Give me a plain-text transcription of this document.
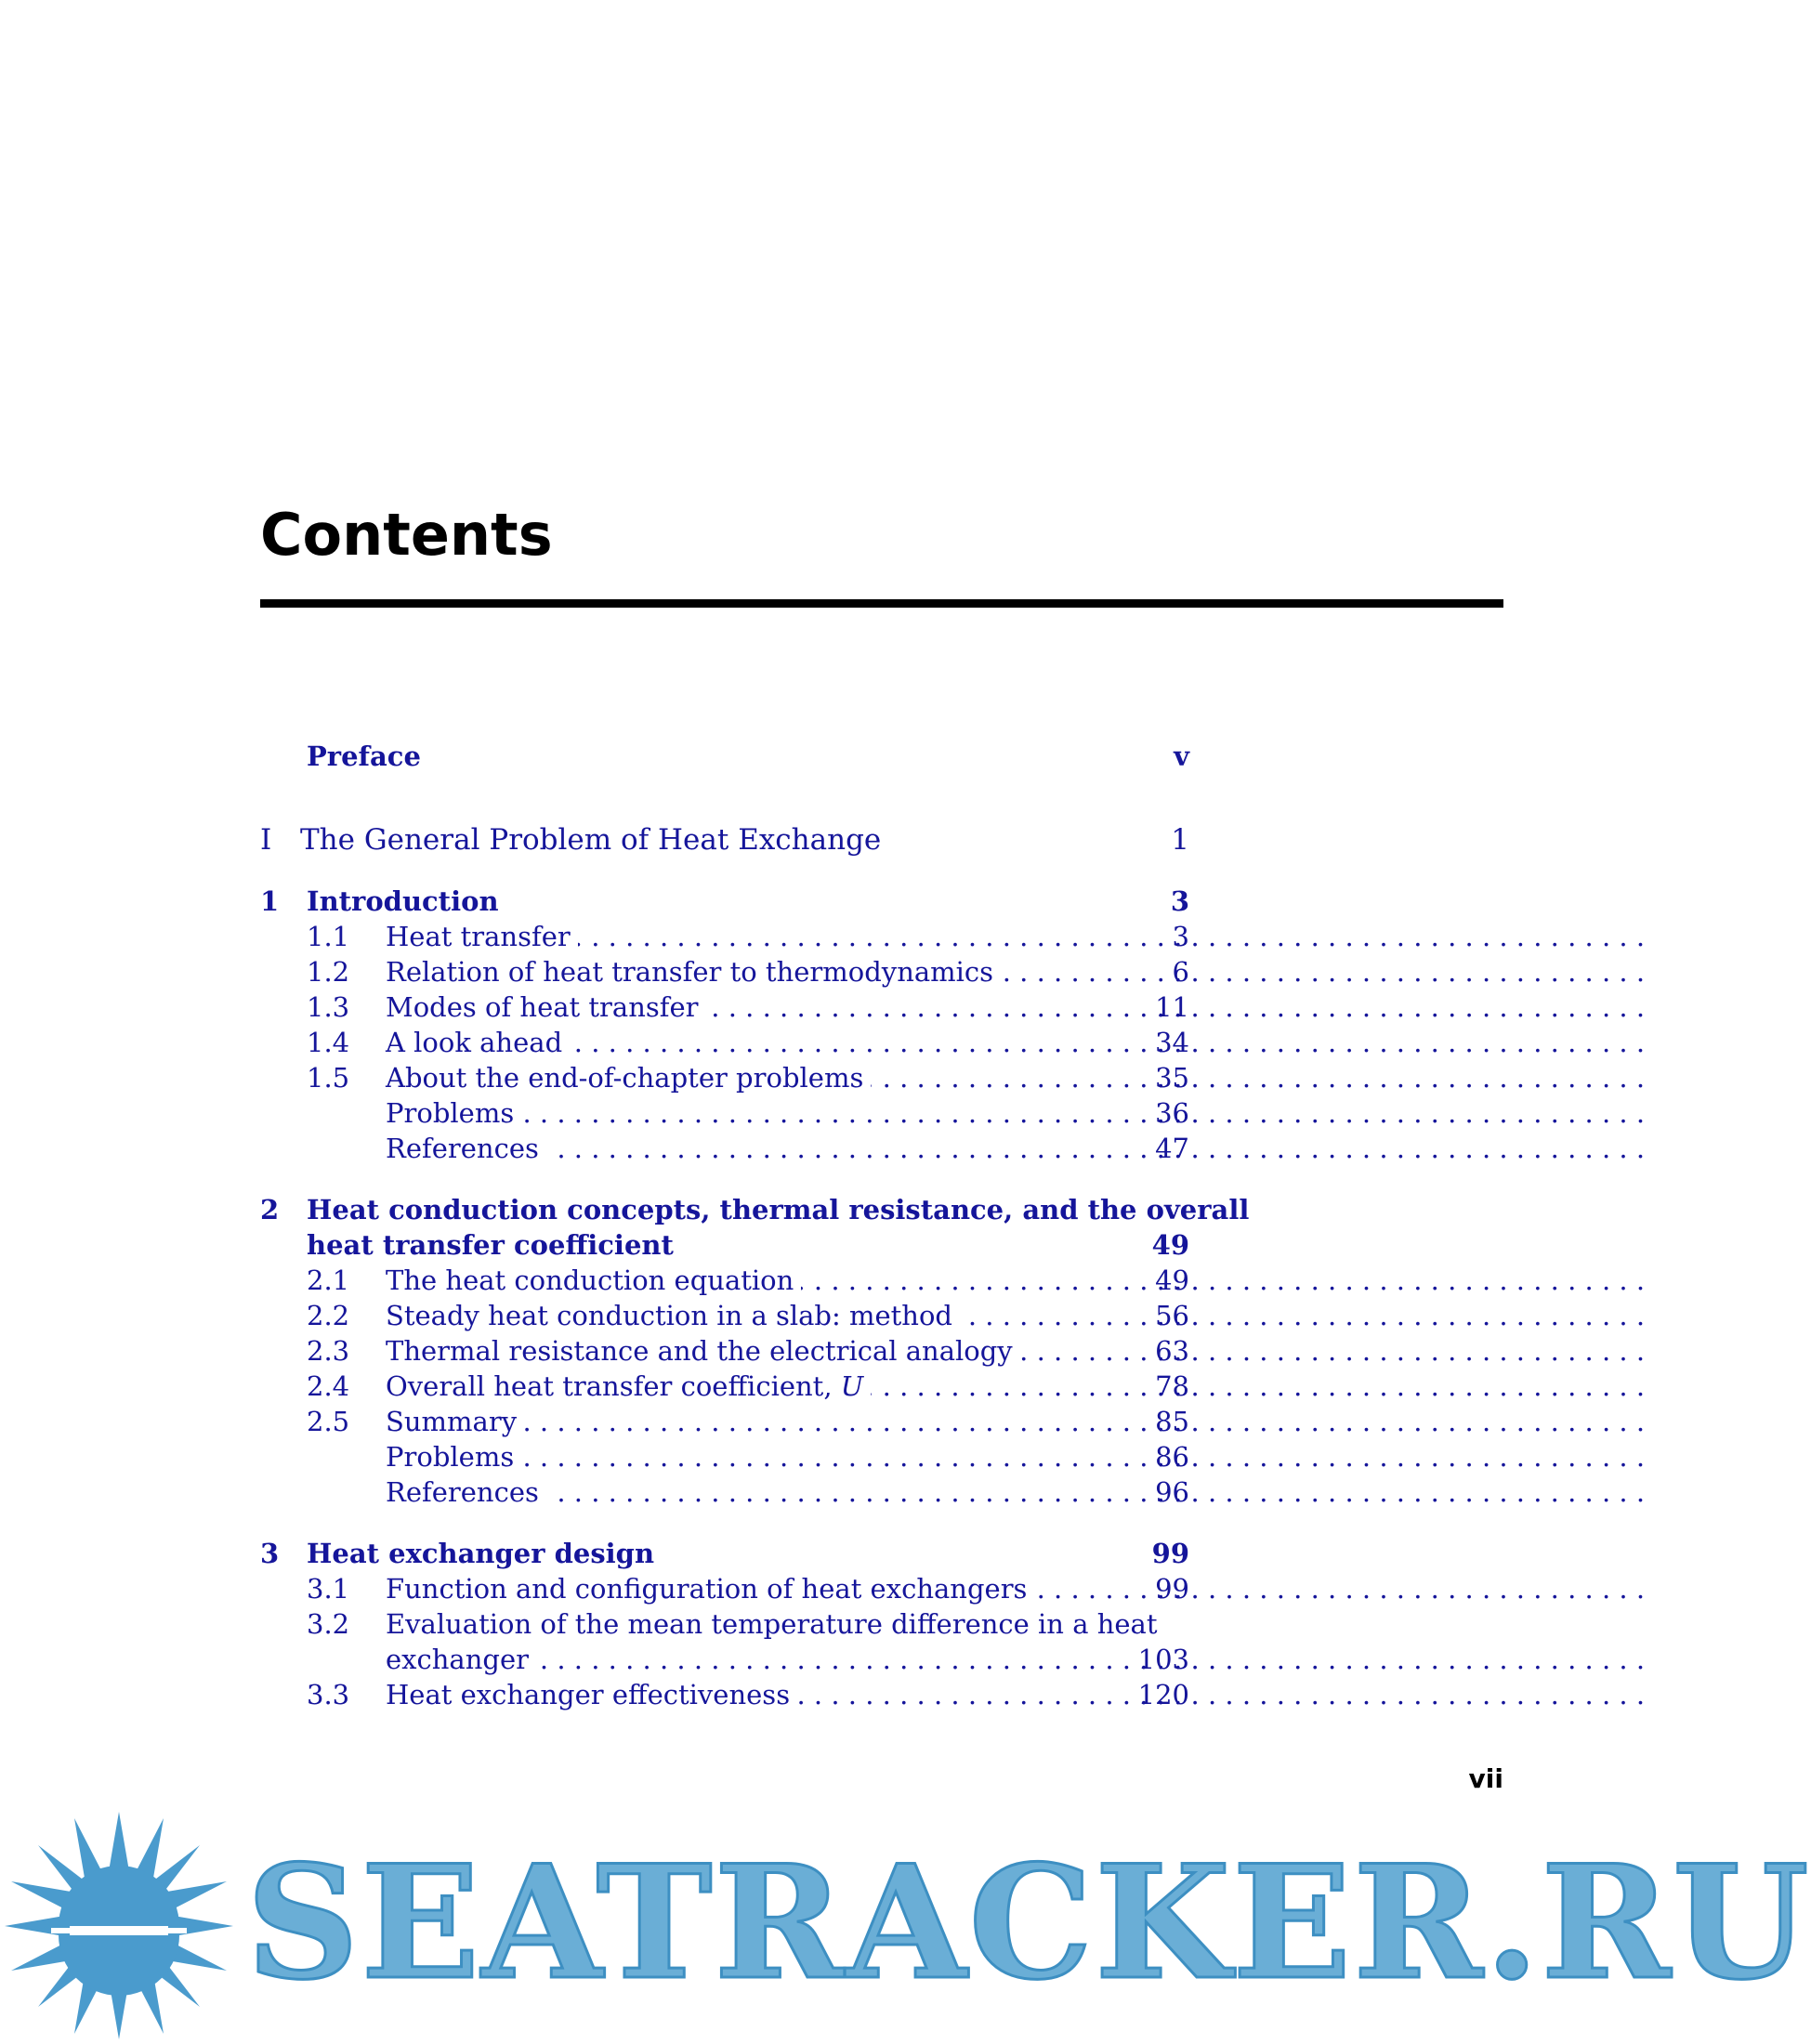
Contents
Preface	v
I The General Problem of Heat Exchange	1
1 Introduction	3
1.1 Heat transfer . . .	3
1.2 Relation of heat transfer to thermodynamics . . .	6
1.3 Modes of heat transfer . . .	11
1.4 A look ahead . . .	34
1.5 About the end-of-chapter problems . . .	35
Problems . . .	36
References . . .	47
2 Heat conduction concepts, thermal resistance, and the overall
heat transfer coefficient	49
2.1 The heat conduction equation . . .	49
2.2 Steady heat conduction in a slab: method . . .	56
2.3 Thermal resistance and the electrical analogy . . .	63
2.4 Overall heat transfer coefficient, U . . .	78
2.5 Summary . . .	85
Problems . . .	86
References . . .	96
3 Heat exchanger design	99
3.1 Function and configuration of heat exchangers . . .	99
3.2 Evaluation of the mean temperature difference in a heat
exchanger . . .	103
3.3 Heat exchanger effectiveness . . .	120
vii
SEATRACKER.RU
